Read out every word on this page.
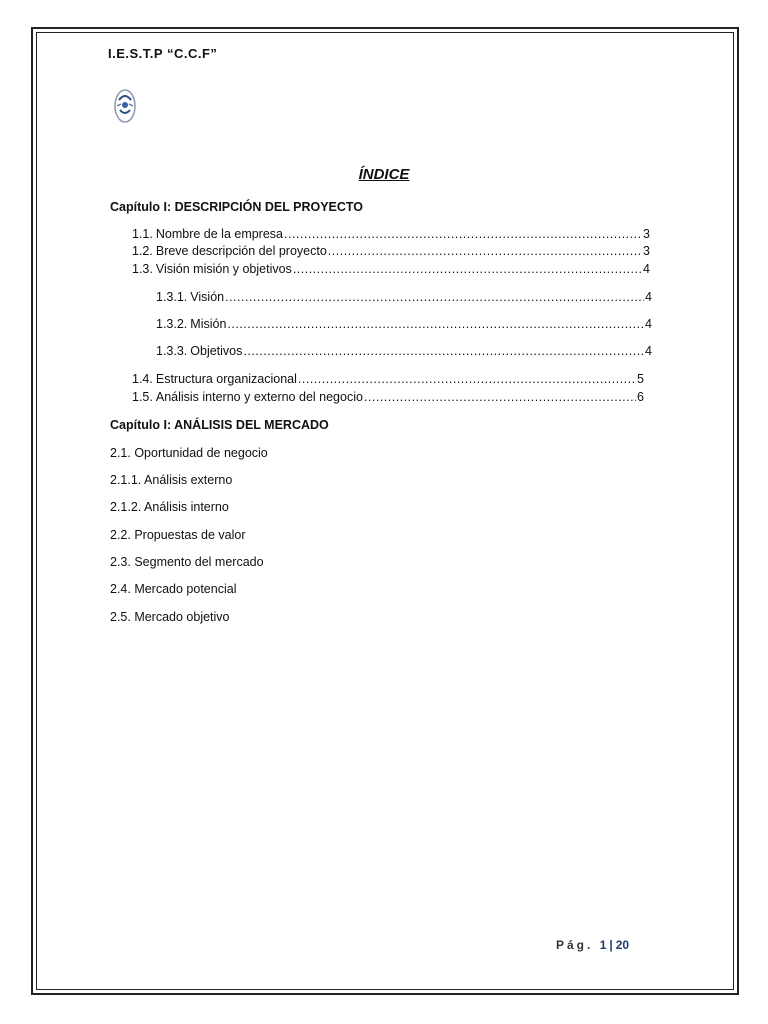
I.E.S.T.P “C.C.F”
ÍNDICE
Capítulo I: DESCRIPCIÓN DEL PROYECTO
1.1. Nombre de la empresa .....	3
1.2. Breve descripción del proyecto .....	3
1.3. Visión misión y objetivos .....	4
1.3.1. Visión .....	4
1.3.2. Misión .....	4
1.3.3. Objetivos .....	4
1.4. Estructura organizacional .....	5
1.5. Análisis interno y externo del negocio .....	6
Capítulo I: ANÁLISIS DEL MERCADO
2.1. Oportunidad de negocio
2.1.1. Análisis externo
2.1.2. Análisis interno
2.2. Propuestas de valor
2.3. Segmento del mercado
2.4. Mercado potencial
2.5. Mercado objetivo
Pág. 1 | 20
